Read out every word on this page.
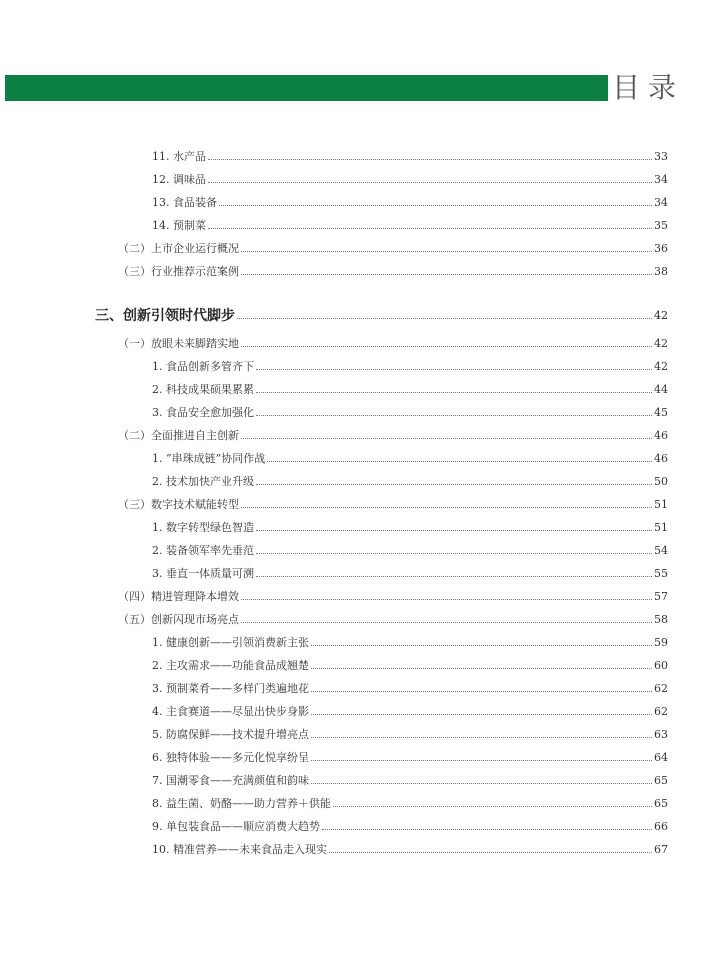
目录
11. 水产品	33
12. 调味品	34
13. 食品装备	34
14. 预制菜	35
（二）上市企业运行概况	36
（三）行业推荐示范案例	38
三、创新引领时代脚步	42
（一）放眼未来脚踏实地	42
1. 食品创新多管齐下	42
2. 科技成果硕果累累	44
3. 食品安全愈加强化	45
（二）全面推进自主创新	46
1. “串珠成链”协同作战	46
2. 技术加快产业升级	50
（三）数字技术赋能转型	51
1. 数字转型绿色智造	51
2. 装备领军率先垂范	54
3. 垂直一体质量可溯	55
（四）精进管理降本增效	57
（五）创新闪现市场亮点	58
1. 健康创新——引领消费新主张	59
2. 主攻需求——功能食品成翘楚	60
3. 预制菜肴——多样门类遍地花	62
4. 主食赛道——尽显出快步身影	62
5. 防腐保鲜——技术提升增亮点	63
6. 独特体验——多元化悦享纷呈	64
7. 国潮零食——充满颜值和韵味	65
8. 益生菌、奶酪——助力营养＋供能	65
9. 单包装食品——顺应消费大趋势	66
10. 精准营养——未来食品走入现实	67
